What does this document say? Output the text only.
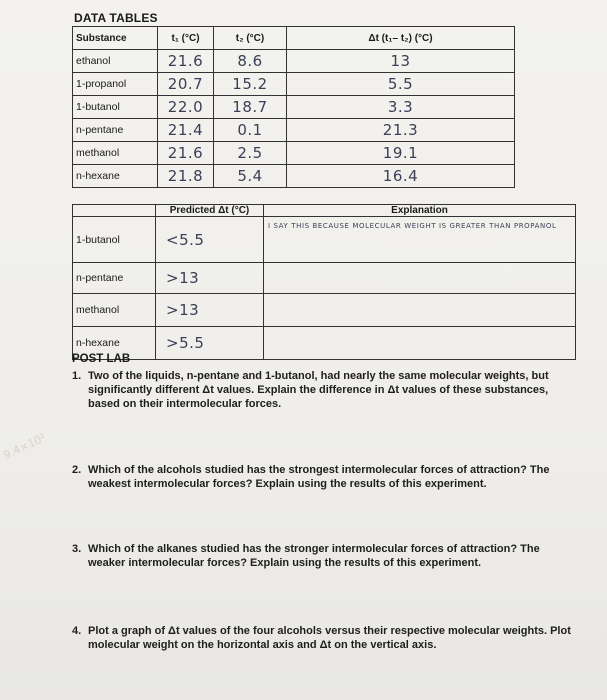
DATA TABLES
Substance	t₁ (°C)	t₂ (°C)	Δt (t₁– t₂) (°C)
ethanol	21.6	8.6	13
1-propanol	20.7	15.2	5.5
1-butanol	22.0	18.7	3.3
n-pentane	21.4	0.1	21.3
methanol	21.6	2.5	19.1
n-hexane	21.8	5.4	16.4
	Predicted Δt (°C)	Explanation
1-butanol	<5.5	I SAY THIS BECAUSE MOLECULAR WEIGHT IS GREATER THAN PROPANOL
n-pentane	>13	
methanol	>13	
n-hexane	>5.5	
POST LAB
1. Two of the liquids, n-pentane and 1-butanol, had nearly the same molecular weights, but
significantly different Δt values. Explain the difference in Δt values of these substances,
based on their intermolecular forces.
2. Which of the alcohols studied has the strongest intermolecular forces of attraction? The
weakest intermolecular forces? Explain using the results of this experiment.
3. Which of the alkanes studied has the stronger intermolecular forces of attraction? The
weaker intermolecular forces? Explain using the results of this experiment.
4. Plot a graph of Δt values of the four alcohols versus their respective molecular weights. Plot
molecular weight on the horizontal axis and Δt on the vertical axis.
9.4×10²
